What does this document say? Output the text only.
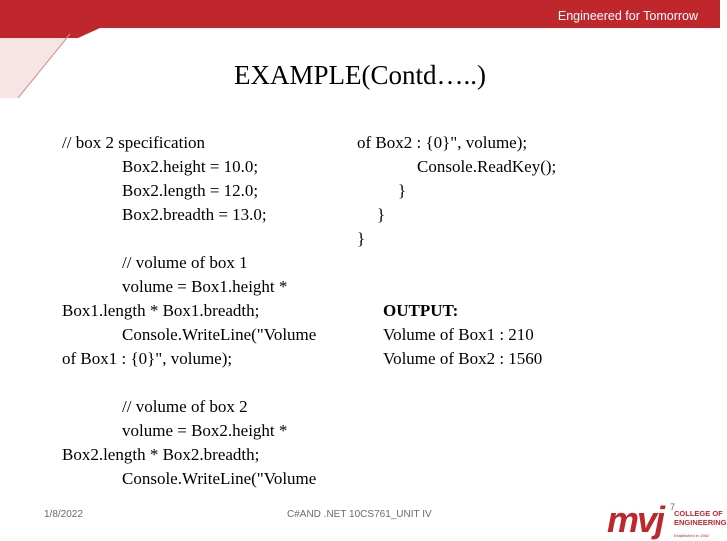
Engineered for Tomorrow
EXAMPLE(Contd…..)
// box 2 specification
Box2.height = 10.0;
Box2.length = 12.0;
Box2.breadth = 13.0;
// volume of box 1
volume = Box1.height *
Box1.length * Box1.breadth;
Console.WriteLine("Volume
of Box1 : {0}", volume);
// volume of box 2
volume = Box2.height *
Box2.length * Box2.breadth;
Console.WriteLine("Volume
of Box2 : {0}", volume);
Console.ReadKey();
}
}
}
OUTPUT:
Volume of Box1 : 210
Volume of Box2 : 1560
1/8/2022	C#AND .NET 10CS761_UNIT IV	mvj COLLEGE OF
ENGINEERING
Established in 1982
7
